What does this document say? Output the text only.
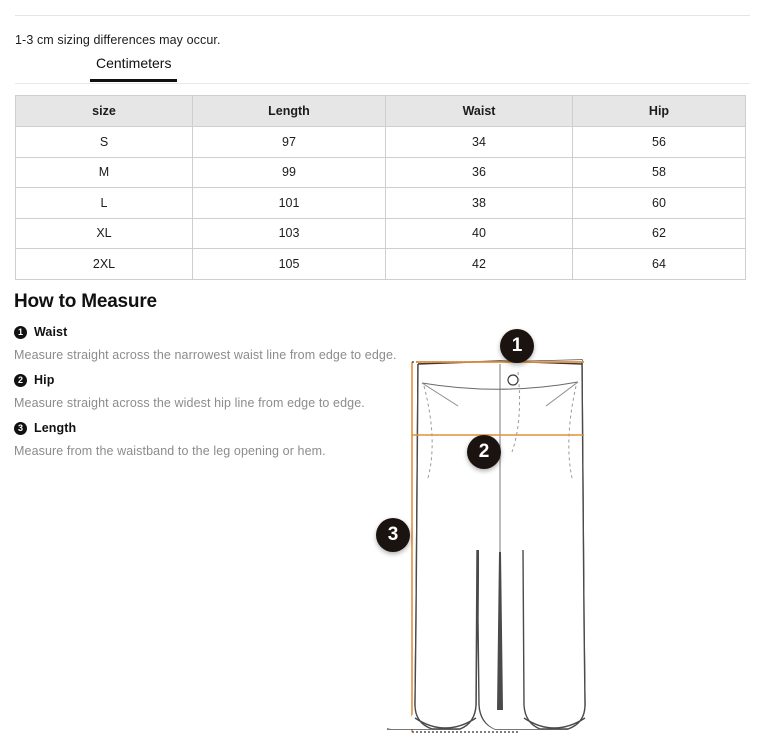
1-3 cm sizing differences may occur.
Centimeters
size	Length	Waist	Hip
S	97	34	56
M	99	36	58
L	101	38	60
XL	103	40	62
2XL	105	42	64
How to Measure
1 Waist
Measure straight across the narrowest waist line from edge to edge.
2 Hip
Measure straight across the widest hip line from edge to edge.
3 Length
Measure from the waistband to the leg opening or hem.
1
2
3
